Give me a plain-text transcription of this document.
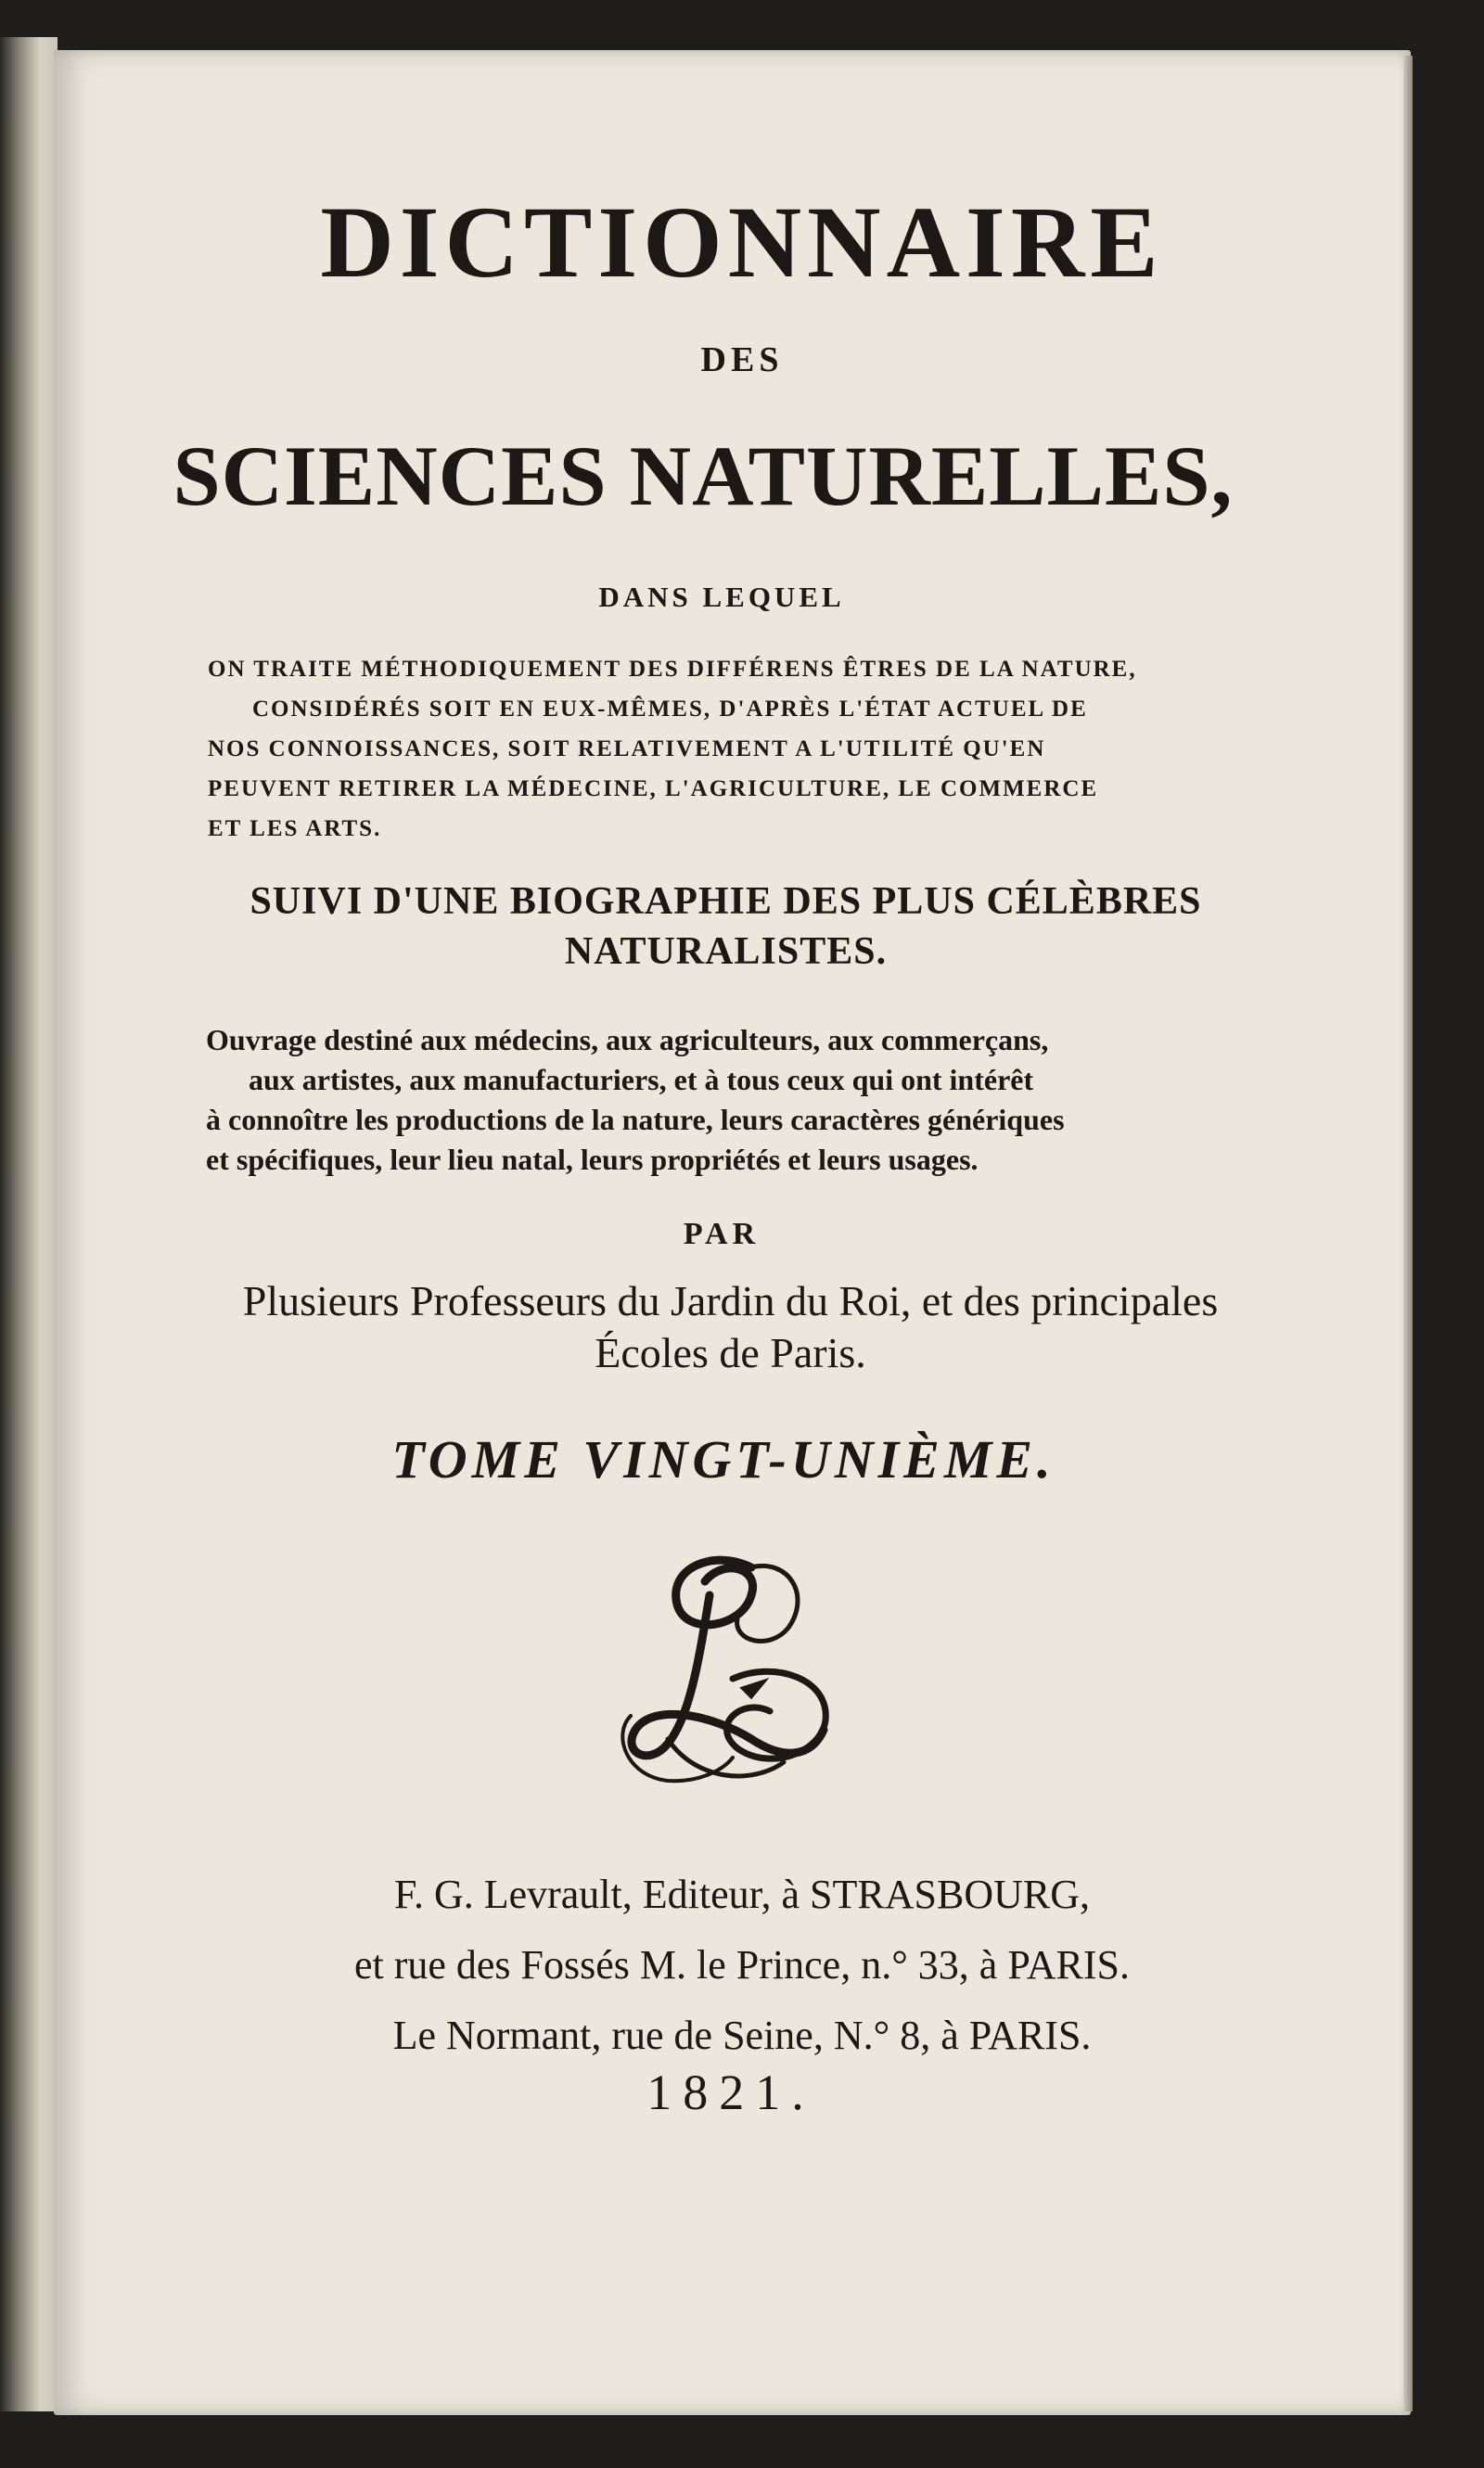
DICTIONNAIRE
DES
SCIENCES NATURELLES,
DANS LEQUEL
ON TRAITE MÉTHODIQUEMENT DES DIFFÉRENS ÊTRES DE LA NATURE,
CONSIDÉRÉS SOIT EN EUX-MÊMES, D'APRÈS L'ÉTAT ACTUEL DE
NOS CONNOISSANCES, SOIT RELATIVEMENT A L'UTILITÉ QU'EN
PEUVENT RETIRER LA MÉDECINE, L'AGRICULTURE, LE COMMERCE
ET LES ARTS.
SUIVI D'UNE BIOGRAPHIE DES PLUS CÉLÈBRES
NATURALISTES.
Ouvrage destiné aux médecins, aux agriculteurs, aux commerçans,
aux artistes, aux manufacturiers, et à tous ceux qui ont intérêt
à connoître les productions de la nature, leurs caractères génériques
et spécifiques, leur lieu natal, leurs propriétés et leurs usages.
PAR
Plusieurs Professeurs du Jardin du Roi, et des principales
Écoles de Paris.
TOME VINGT-UNIÈME.
F. G. Levrault, Editeur, à STRASBOURG,
et rue des Fossés M. le Prince, n.° 33, à PARIS.
Le Normant, rue de Seine, N.° 8, à PARIS.
1821.
